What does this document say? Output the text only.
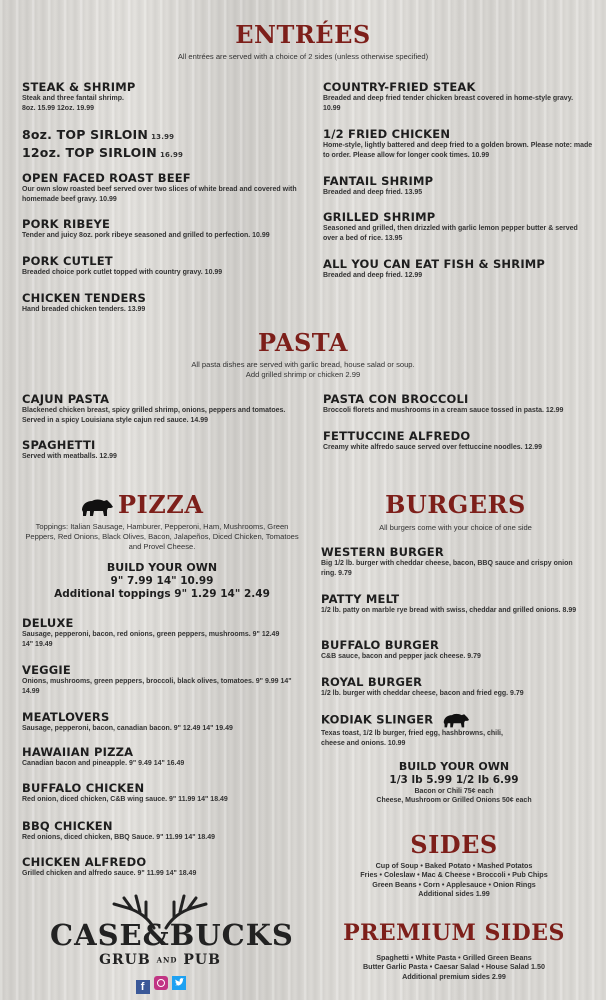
ENTRÉES
All entrées are served with a choice of 2 sides (unless otherwise specified)
STEAK & SHRIMP
Steak and three fantail shrimp.
8oz. 15.99 12oz. 19.99
8oz. TOP SIRLOIN 13.99
12oz. TOP SIRLOIN 16.99
OPEN FACED ROAST BEEF
Our own slow roasted beef served over two slices of white bread and covered with homemade beef gravy. 10.99
PORK RIBEYE
Tender and juicy 8oz. pork ribeye seasoned and grilled to perfection. 10.99
PORK CUTLET
Breaded choice pork cutlet topped with country gravy. 10.99
CHICKEN TENDERS
Hand breaded chicken tenders. 13.99
COUNTRY-FRIED STEAK
Breaded and deep fried tender chicken breast covered in home-style gravy. 10.99
1/2 FRIED CHICKEN
Home-style, lightly battered and deep fried to a golden brown. Please note: made to order. Please allow for longer cook times. 10.99
FANTAIL SHRIMP
Breaded and deep fried. 13.95
GRILLED SHRIMP
Seasoned and grilled, then drizzled with garlic lemon pepper butter & served over a bed of rice. 13.95
ALL YOU CAN EAT FISH & SHRIMP
Breaded and deep fried. 12.99
PASTA
All pasta dishes are served with garlic bread, house salad or soup.
Add grilled shrimp or chicken 2.99
CAJUN PASTA
Blackened chicken breast, spicy grilled shrimp, onions, peppers and tomatoes. Served in a spicy Louisiana style cajun red sauce. 14.99
SPAGHETTI
Served with meatballs. 12.99
PASTA CON BROCCOLI
Broccoli florets and mushrooms in a cream sauce tossed in pasta. 12.99
FETTUCCINE ALFREDO
Creamy white alfredo sauce served over fettuccine noodles. 12.99
PIZZA
Toppings: Italian Sausage, Hamburer, Pepperoni, Ham, Mushrooms, Green Peppers, Red Onions, Black Olives, Bacon, Jalapeños, Diced Chicken, Tomatoes and Provel Cheese.
BUILD YOUR OWN
9" 7.99 14" 10.99
Additional toppings 9" 1.29 14" 2.49
DELUXE
Sausage, pepperoni, bacon, red onions, green peppers, mushrooms. 9" 12.49 14" 19.49
VEGGIE
Onions, mushrooms, green peppers, broccoli, black olives, tomatoes. 9" 9.99 14" 14.99
MEATLOVERS
Sausage, pepperoni, bacon, canadian bacon. 9" 12.49 14" 19.49
HAWAIIAN PIZZA
Canadian bacon and pineapple. 9" 9.49 14" 16.49
BUFFALO CHICKEN
Red onion, diced chicken, C&B wing sauce. 9" 11.99 14" 18.49
BBQ CHICKEN
Red onions, diced chicken, BBQ Sauce. 9" 11.99 14" 18.49
CHICKEN ALFREDO
Grilled chicken and alfredo sauce. 9" 11.99 14" 18.49
CASE&BUCKS
GRUB AND PUB
f

BURGERS
All burgers come with your choice of one side
WESTERN BURGER
Big 1/2 lb. burger with cheddar cheese, bacon, BBQ sauce and crispy onion ring. 9.79
PATTY MELT
1/2 lb. patty on marble rye bread with swiss, cheddar and grilled onions. 8.99
BUFFALO BURGER
C&B sauce, bacon and pepper jack cheese. 9.79
ROYAL BURGER
1/2 lb. burger with cheddar cheese, bacon and fried egg. 9.79
KODIAK SLINGER
Texas toast, 1/2 lb burger, fried egg, hashbrowns, chili, cheese and onions. 10.99
BUILD YOUR OWN
1/3 lb 5.99 1/2 lb 6.99
Bacon or Chili 75¢ each
Cheese, Mushroom or Grilled Onions 50¢ each
SIDES
Cup of Soup • Baked Potato • Mashed Potatos
Fries • Coleslaw • Mac & Cheese • Broccoli • Pub Chips
Green Beans • Corn • Applesauce • Onion Rings
Additional sides 1.99
PREMIUM SIDES
Spaghetti • White Pasta • Grilled Green Beans
Butter Garlic Pasta • Caesar Salad • House Salad 1.50
Additional premium sides 2.99
